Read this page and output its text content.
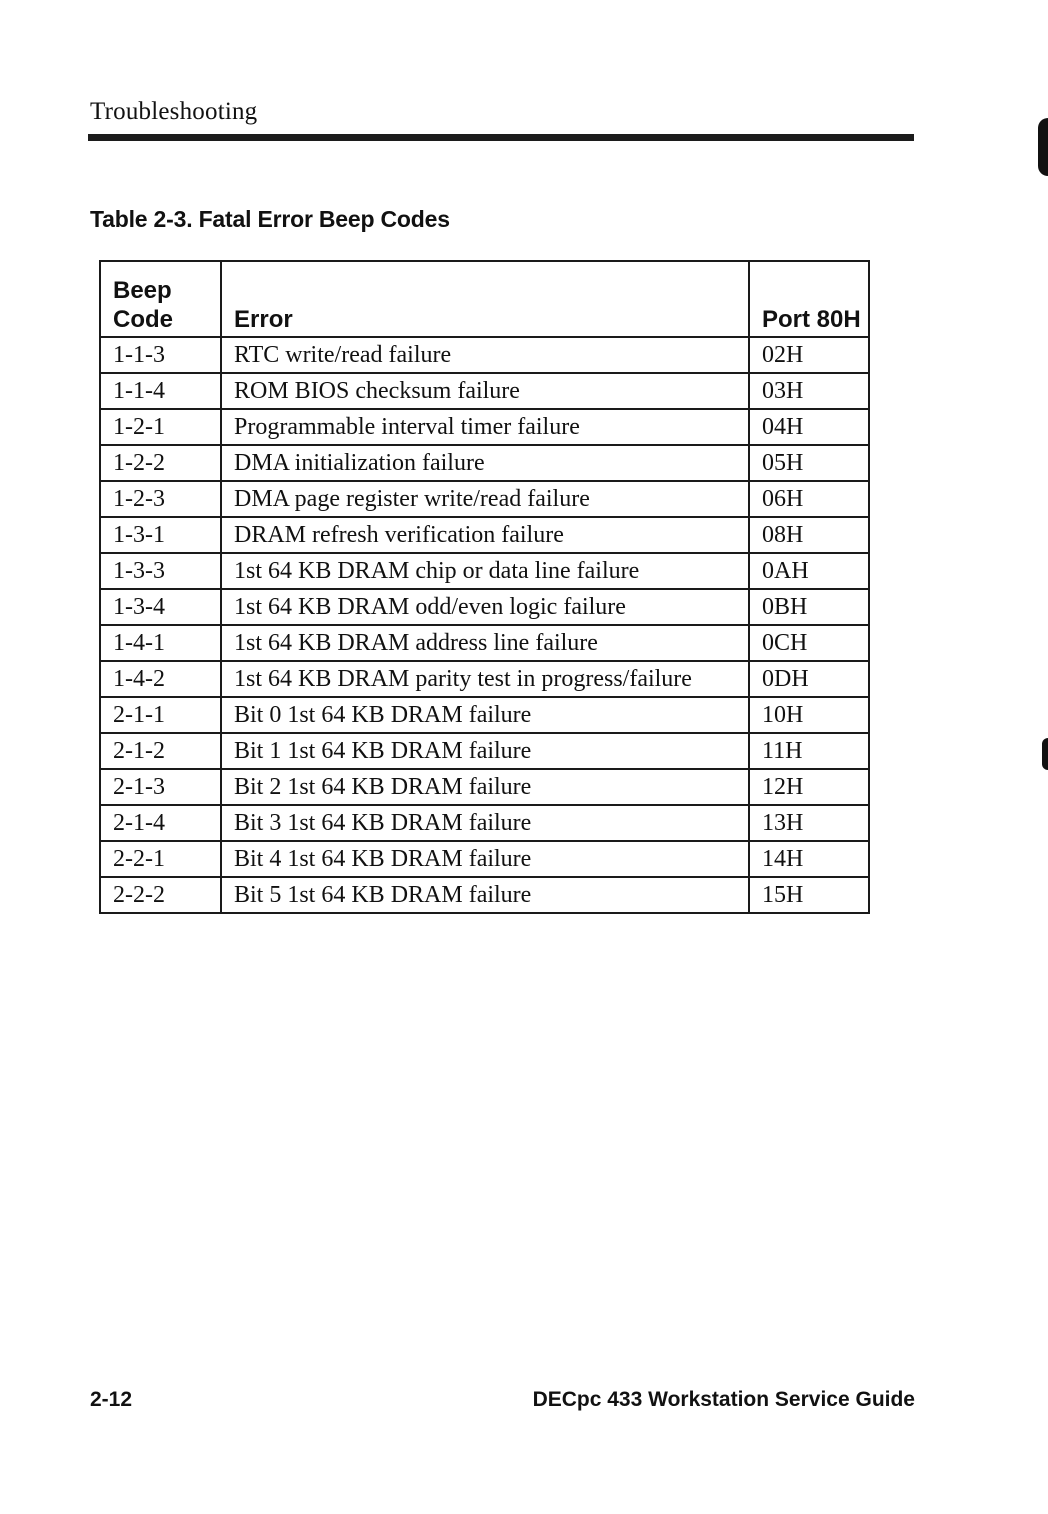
Troubleshooting
Table 2-3. Fatal Error Beep Codes
Beep Code	Error	Port 80H
1-1-3	RTC write/read failure	02H
1-1-4	ROM BIOS checksum failure	03H
1-2-1	Programmable interval timer failure	04H
1-2-2	DMA initialization failure	05H
1-2-3	DMA page register write/read failure	06H
1-3-1	DRAM refresh verification failure	08H
1-3-3	1st 64 KB DRAM chip or data line failure	0AH
1-3-4	1st 64 KB DRAM odd/even logic failure	0BH
1-4-1	1st 64 KB DRAM address line failure	0CH
1-4-2	1st 64 KB DRAM parity test in progress/failure	0DH
2-1-1	Bit 0 1st 64 KB DRAM failure	10H
2-1-2	Bit 1 1st 64 KB DRAM failure	11H
2-1-3	Bit 2 1st 64 KB DRAM failure	12H
2-1-4	Bit 3 1st 64 KB DRAM failure	13H
2-2-1	Bit 4 1st 64 KB DRAM failure	14H
2-2-2	Bit 5 1st 64 KB DRAM failure	15H
2-12	DECpc 433 Workstation Service Guide
